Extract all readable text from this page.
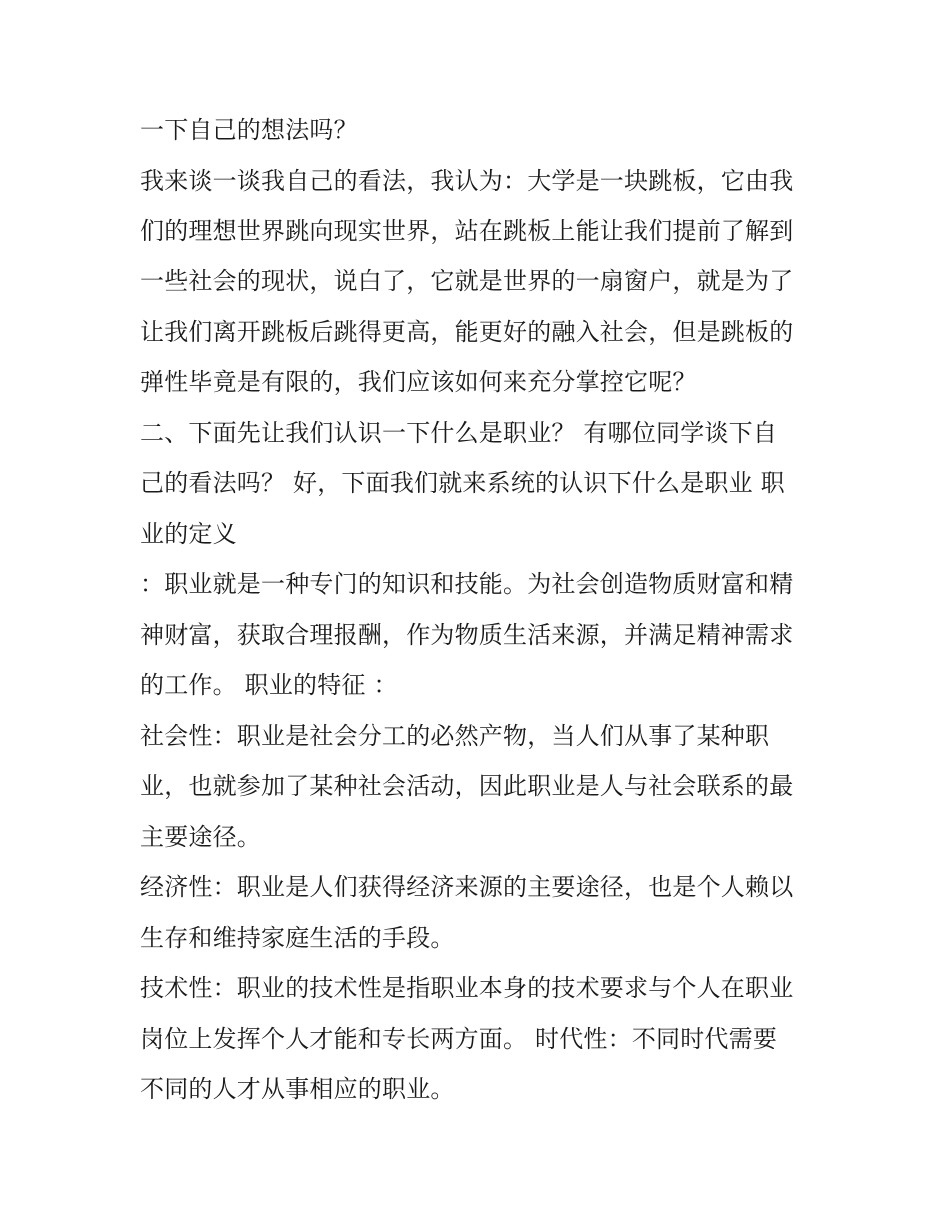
一下自己的想法吗？
我来谈一谈我自己的看法，我认为：大学是一块跳板，它由我
们的理想世界跳向现实世界，站在跳板上能让我们提前了解到
一些社会的现状，说白了，它就是世界的一扇窗户，就是为了
让我们离开跳板后跳得更高，能更好的融入社会，但是跳板的
弹性毕竟是有限的，我们应该如何来充分掌控它呢？
二、下面先让我们认识一下什么是职业？ 有哪位同学谈下自
己的看法吗？ 好，下面我们就来系统的认识下什么是职业 职
业的定义
：职业就是一种专门的知识和技能。为社会创造物质财富和精
神财富，获取合理报酬，作为物质生活来源，并满足精神需求
的工作。 职业的特征 ：
社会性：职业是社会分工的必然产物，当人们从事了某种职
业，也就参加了某种社会活动，因此职业是人与社会联系的最
主要途径。
经济性：职业是人们获得经济来源的主要途径，也是个人赖以
生存和维持家庭生活的手段。
技术性：职业的技术性是指职业本身的技术要求与个人在职业
岗位上发挥个人才能和专长两方面。 时代性：不同时代需要
不同的人才从事相应的职业。
